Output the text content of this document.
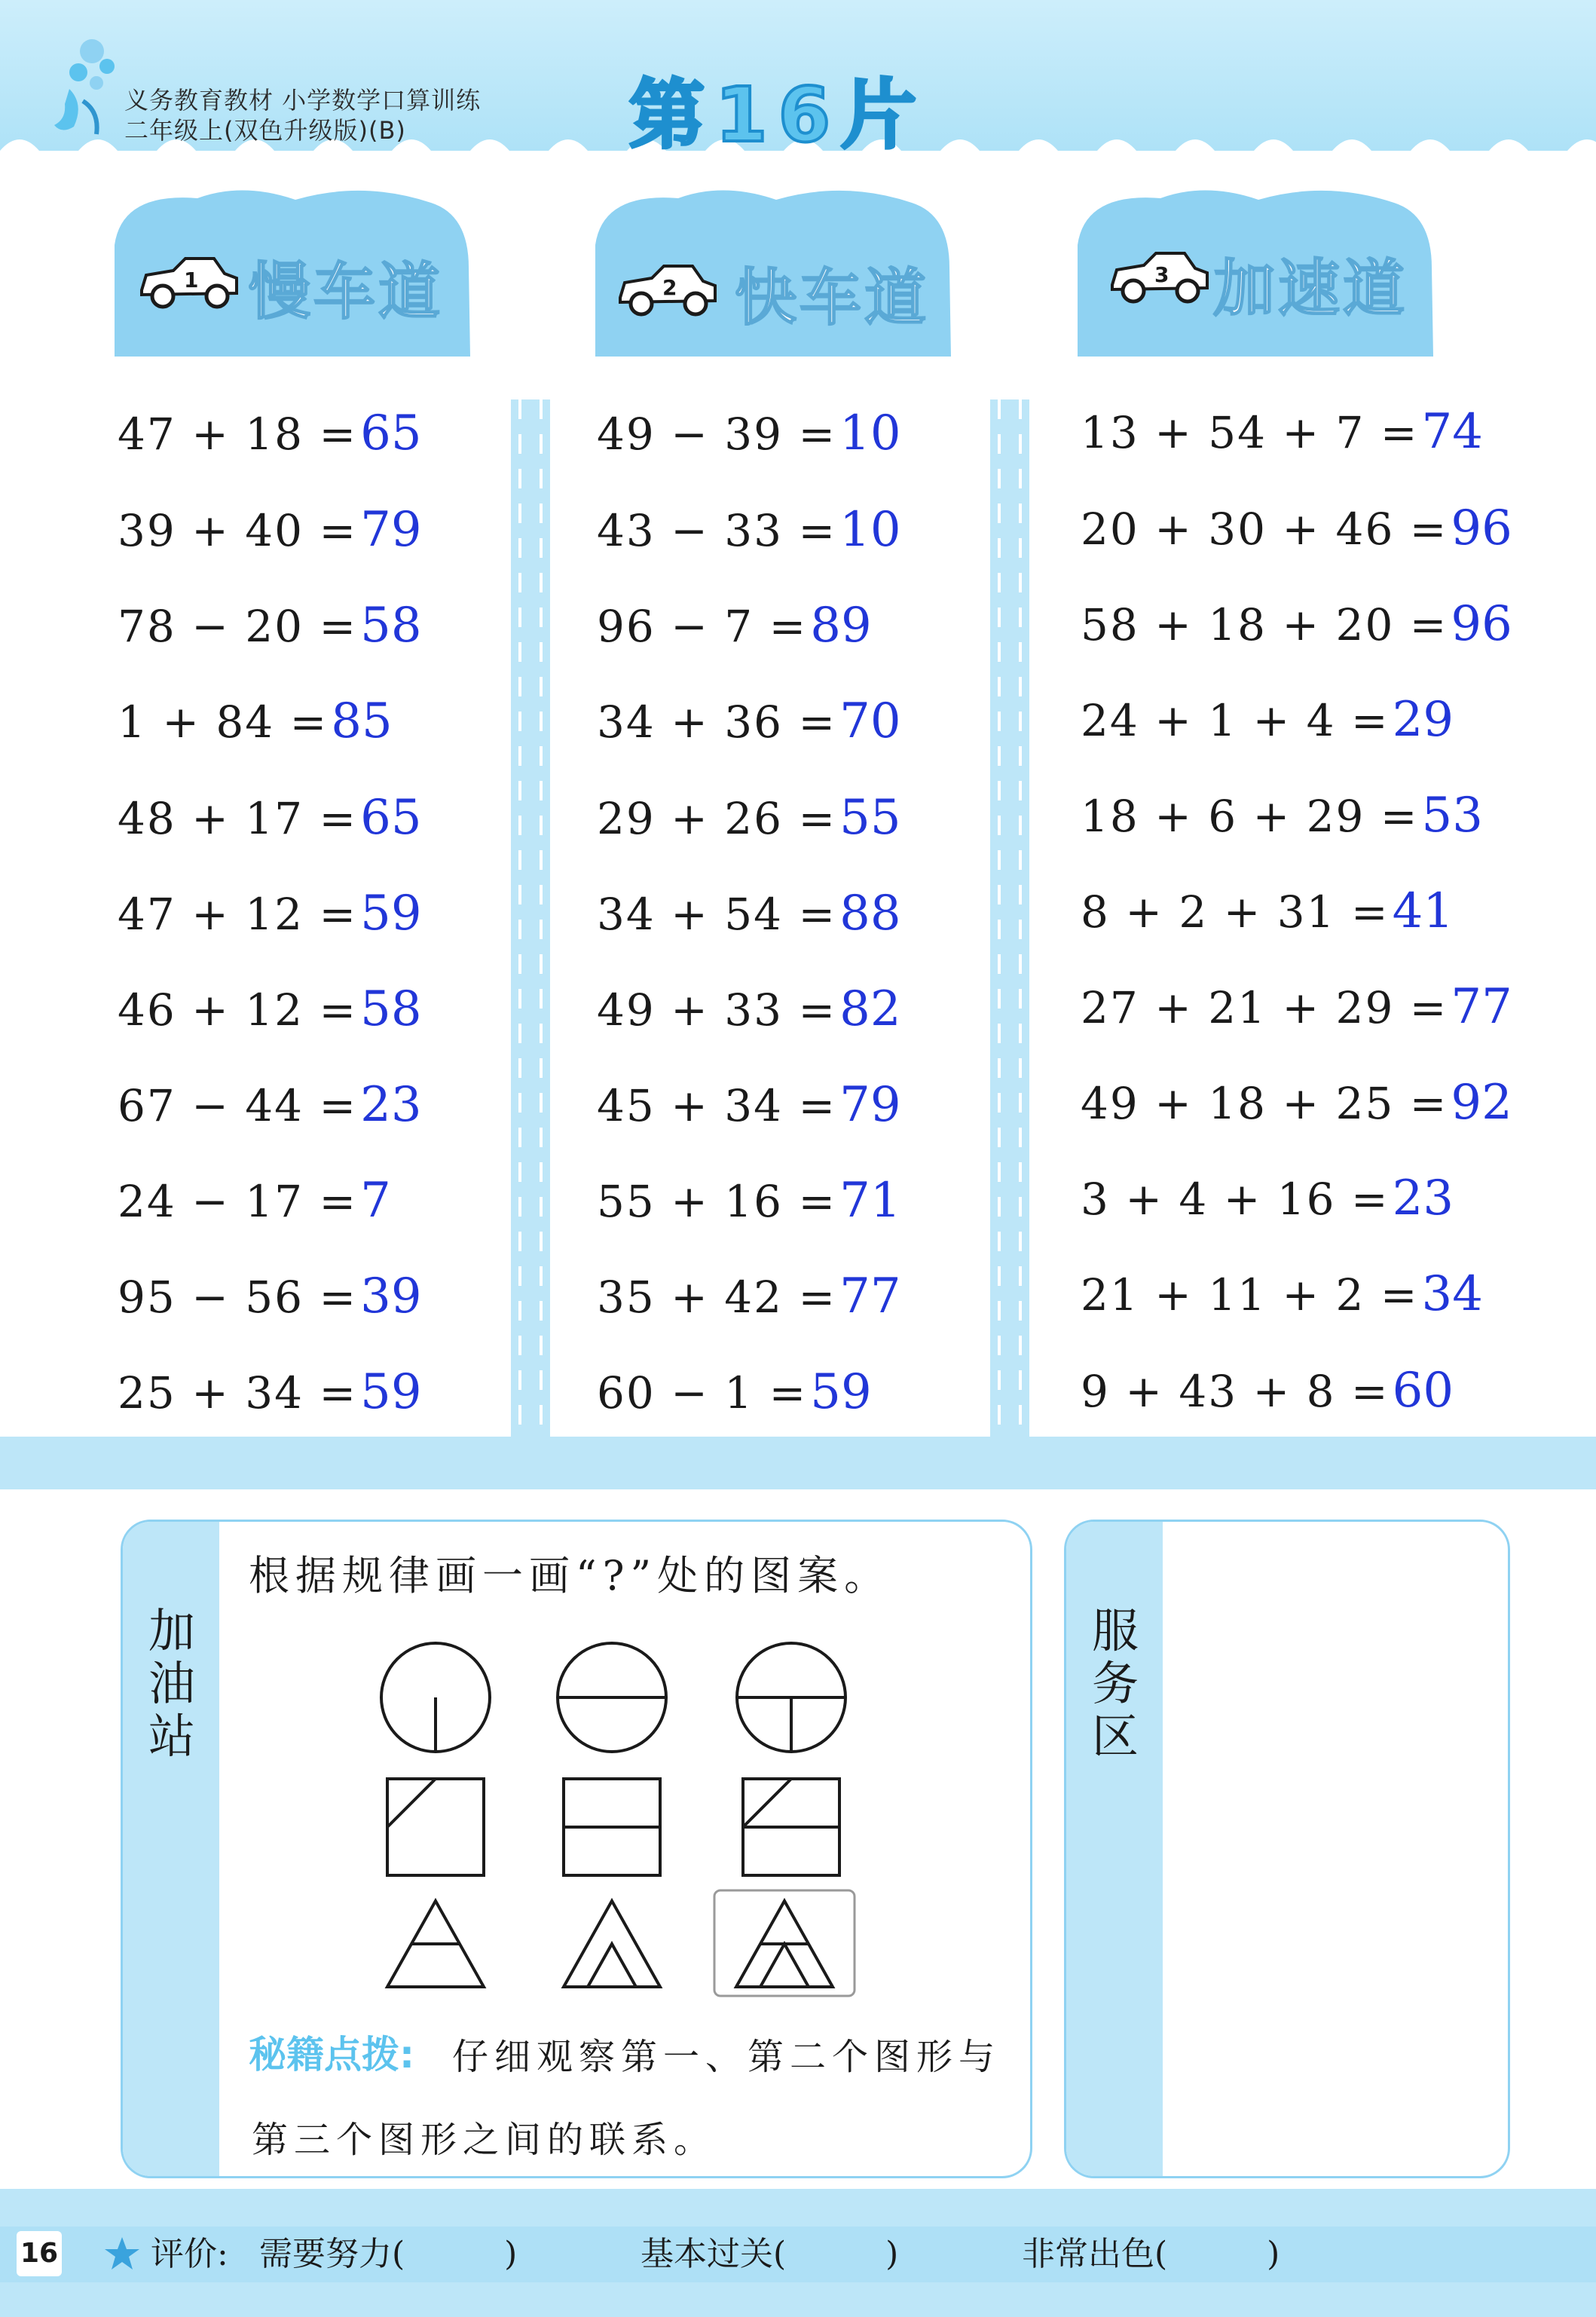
义务教育教材 小学数学口算训练
二年级上(双色升级版)(B)	第16片
1	2
3
慢车道	快车道	加速道
47 + 18 = 65
39 + 40 = 79
78 − 20 = 58
1 + 84 = 85
48 + 17 = 65
47 + 12 = 59
46 + 12 = 58
67 − 44 = 23
24 − 17 = 7
95 − 56 = 39
25 + 34 = 59
49 − 39 = 10
43 − 33 = 10
96 − 7 = 89
34 + 36 = 70
29 + 26 = 55
34 + 54 = 88
49 + 33 = 82
45 + 34 = 79
55 + 16 = 71
35 + 42 = 77
60 − 1 = 59
13 + 54 + 7 = 74
20 + 30 + 46 = 96
58 + 18 + 20 = 96
24 + 1 + 4 = 29
18 + 6 + 29 = 53
8 + 2 + 31 = 41
27 + 21 + 29 = 77
49 + 18 + 25 = 92
3 + 4 + 16 = 23
21 + 11 + 2 = 34
9 + 43 + 8 = 60
加油站
根据规律画一画“?”处的图案。
秘籍点拨: 仔细观察第一、第二个图形与
第三个图形之间的联系。
服务区
16	评价: 需要努力(　　　)	基本过关(　　　)	非常出色(　　　)
